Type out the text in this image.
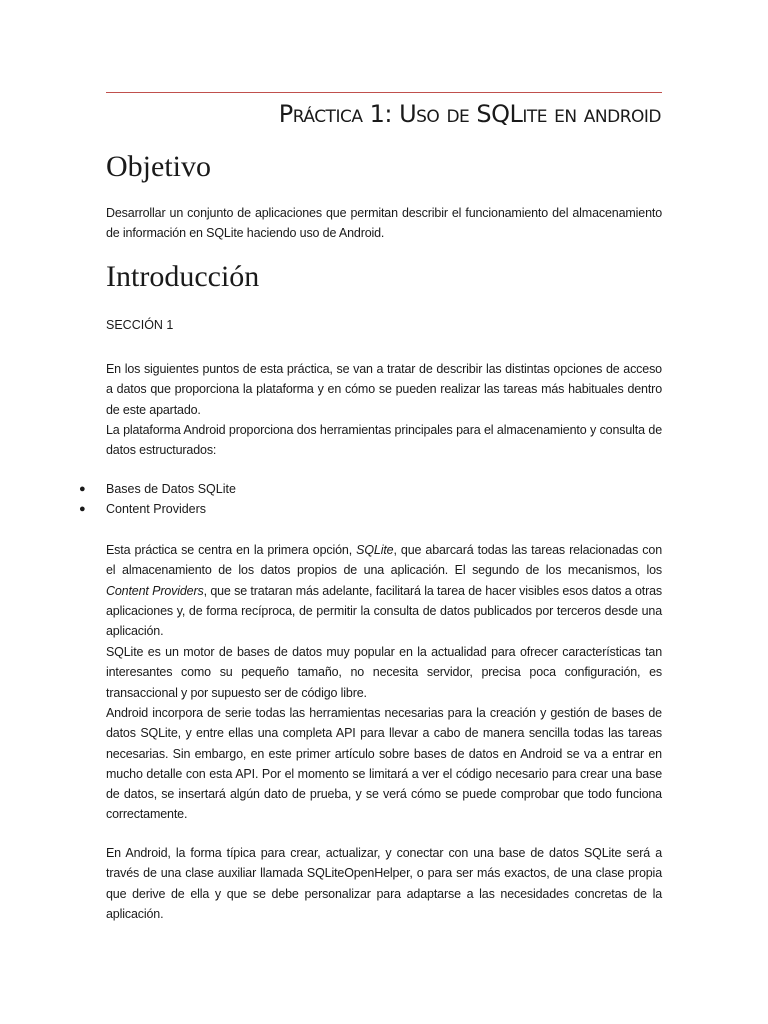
Práctica 1: Uso de SQLite en android
Objetivo

Desarrollar un conjunto de aplicaciones que permitan describir el funcionamiento del almacenamiento de información en SQLite haciendo uso de Android.

Introducción

SECCIÓN 1

En los siguientes puntos de esta práctica, se van a tratar de describir las distintas opciones de acceso a datos que proporciona la plataforma y en cómo se pueden realizar las tareas más habituales dentro de este apartado.

La plataforma Android proporciona dos herramientas principales para el almacenamiento y consulta de datos estructurados:

● Bases de Datos SQLite
● Content Providers

Esta práctica se centra en la primera opción, SQLite, que abarcará todas las tareas relacionadas con el almacenamiento de los datos propios de una aplicación. El segundo de los mecanismos, los Content Providers, que se trataran más adelante, facilitará la tarea de hacer visibles esos datos a otras aplicaciones y, de forma recíproca, de permitir la consulta de datos publicados por terceros desde una aplicación.

SQLite es un motor de bases de datos muy popular en la actualidad para ofrecer características tan interesantes como su pequeño tamaño, no necesita servidor, precisa poca configuración, es transaccional y por supuesto ser de código libre.

Android incorpora de serie todas las herramientas necesarias para la creación y gestión de bases de datos SQLite, y entre ellas una completa API para llevar a cabo de manera sencilla todas las tareas necesarias. Sin embargo, en este primer artículo sobre bases de datos en Android se va a entrar en mucho detalle con esta API. Por el momento se limitará a ver el código necesario para crear una base de datos, se insertará algún dato de prueba, y se verá cómo se puede comprobar que todo funciona correctamente.

En Android, la forma típica para crear, actualizar, y conectar con una base de datos SQLite será a través de una clase auxiliar llamada SQLiteOpenHelper, o para ser más exactos, de una clase propia que derive de ella y que se debe personalizar para adaptarse a las necesidades concretas de la aplicación.
